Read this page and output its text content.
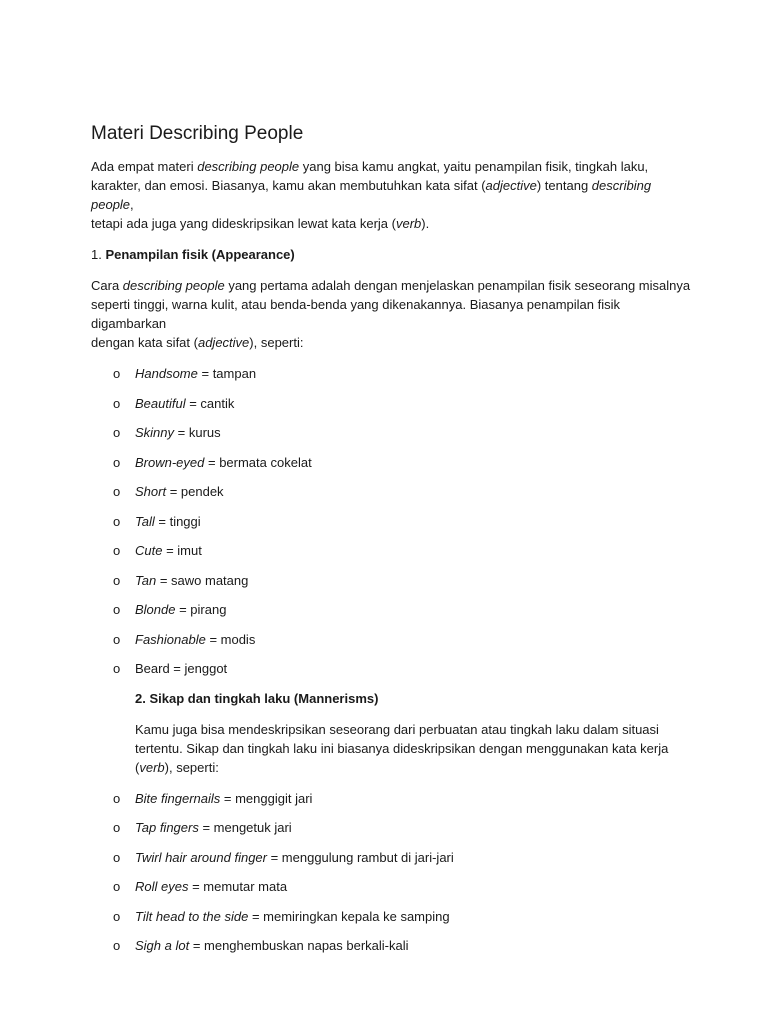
Materi Describing People

Ada empat materi describing people yang bisa kamu angkat, yaitu penampilan fisik, tingkah laku,

karakter, dan emosi. Biasanya, kamu akan membutuhkan kata sifat (adjective) tentang describing people,

tetapi ada juga yang dideskripsikan lewat kata kerja (verb).

1. Penampilan fisik (Appearance)

Cara describing people yang pertama adalah dengan menjelaskan penampilan fisik seseorang misalnya

seperti tinggi, warna kulit, atau benda-benda yang dikenakannya. Biasanya penampilan fisik digambarkan

dengan kata sifat (adjective), seperti:

o Handsome = tampan
o Beautiful = cantik
o Skinny = kurus
o Brown-eyed = bermata cokelat
o Short = pendek
o Tall = tinggi
o Cute = imut
o Tan = sawo matang
o Blonde = pirang
o Fashionable = modis
o Beard = jenggot

2. Sikap dan tingkah laku (Mannerisms)

Kamu juga bisa mendeskripsikan seseorang dari perbuatan atau tingkah laku dalam situasi

tertentu. Sikap dan tingkah laku ini biasanya dideskripsikan dengan menggunakan kata kerja

(verb), seperti:

o Bite fingernails = menggigit jari
o Tap fingers = mengetuk jari
o Twirl hair around finger = menggulung rambut di jari-jari
o Roll eyes = memutar mata
o Tilt head to the side = memiringkan kepala ke samping
o Sigh a lot = menghembuskan napas berkali-kali
